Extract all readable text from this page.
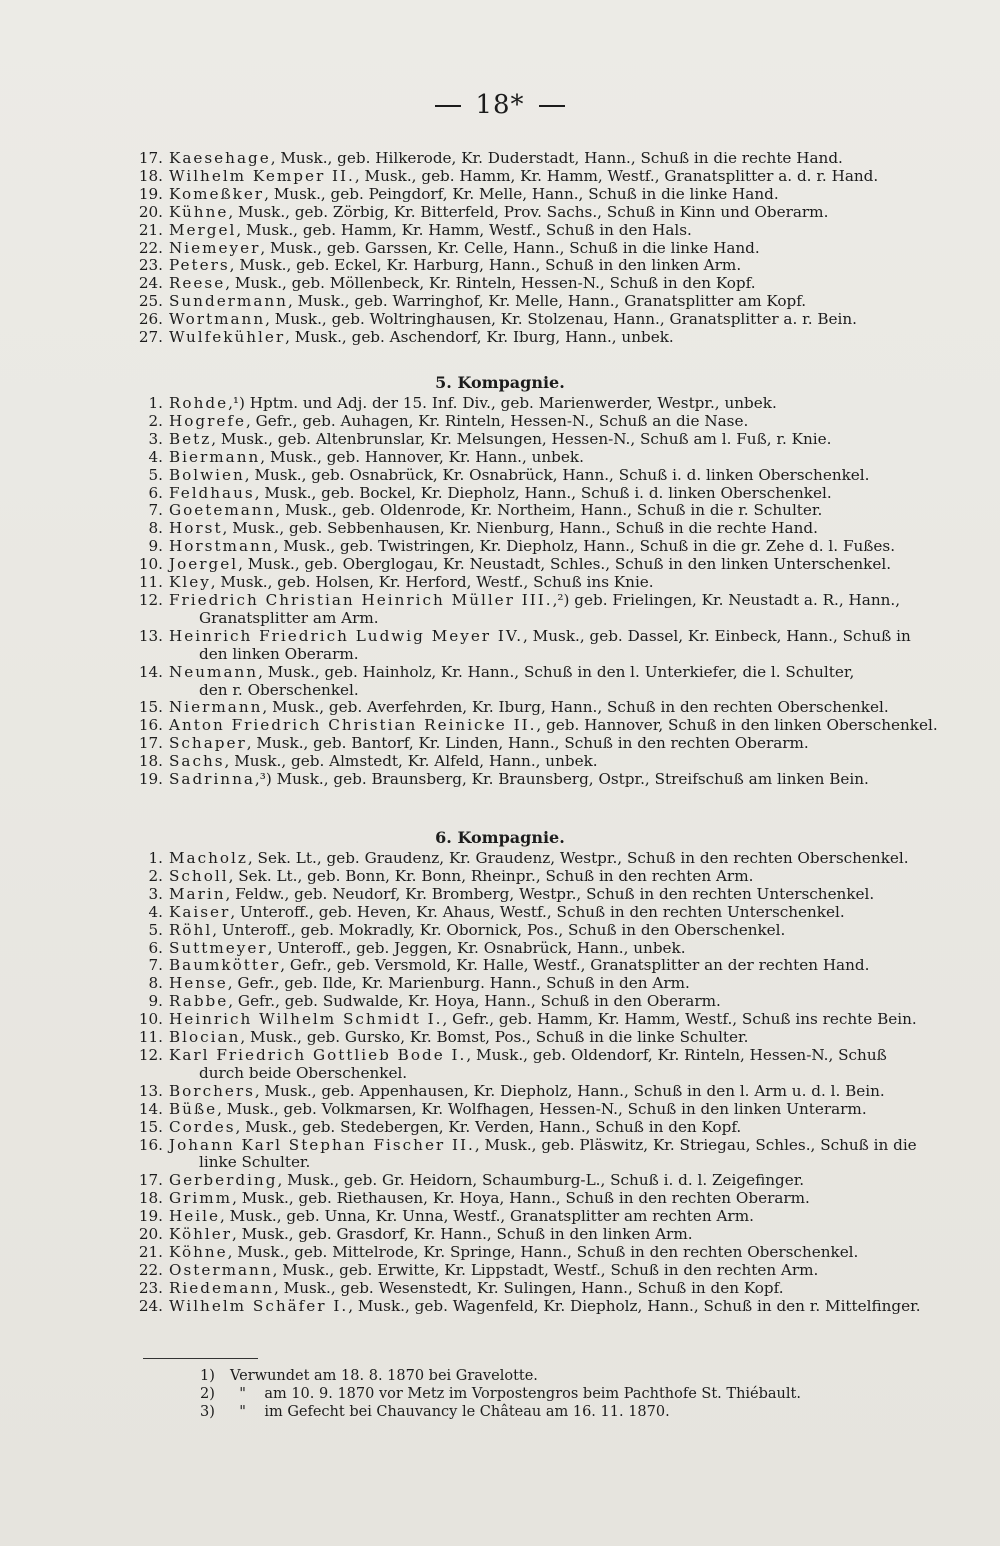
18*
17. Kaesehage, Musk., geb. Hilkerode, Kr. Duderstadt, Hann., Schuß in die rechte Hand.
18. Wilhelm Kemper II., Musk., geb. Hamm, Kr. Hamm, Westf., Granatsplitter a. d. r. Hand.
19. Komeßker, Musk., geb. Peingdorf, Kr. Melle, Hann., Schuß in die linke Hand.
20. Kühne, Musk., geb. Zörbig, Kr. Bitterfeld, Prov. Sachs., Schuß in Kinn und Oberarm.
21. Mergel, Musk., geb. Hamm, Kr. Hamm, Westf., Schuß in den Hals.
22. Niemeyer, Musk., geb. Garssen, Kr. Celle, Hann., Schuß in die linke Hand.
23. Peters, Musk., geb. Eckel, Kr. Harburg, Hann., Schuß in den linken Arm.
24. Reese, Musk., geb. Möllenbeck, Kr. Rinteln, Hessen-N., Schuß in den Kopf.
25. Sundermann, Musk., geb. Warringhof, Kr. Melle, Hann., Granatsplitter am Kopf.
26. Wortmann, Musk., geb. Woltringhausen, Kr. Stolzenau, Hann., Granatsplitter a. r. Bein.
27. Wulfekühler, Musk., geb. Aschendorf, Kr. Iburg, Hann., unbek.
5. Kompagnie.
1. Rohde,¹) Hptm. und Adj. der 15. Inf. Div., geb. Marienwerder, Westpr., unbek.
2. Hogrefe, Gefr., geb. Auhagen, Kr. Rinteln, Hessen-N., Schuß an die Nase.
3. Betz, Musk., geb. Altenbrunslar, Kr. Melsungen, Hessen-N., Schuß am l. Fuß, r. Knie.
4. Biermann, Musk., geb. Hannover, Kr. Hann., unbek.
5. Bolwien, Musk., geb. Osnabrück, Kr. Osnabrück, Hann., Schuß i. d. linken Oberschenkel.
6. Feldhaus, Musk., geb. Bockel, Kr. Diepholz, Hann., Schuß i. d. linken Oberschenkel.
7. Goetemann, Musk., geb. Oldenrode, Kr. Northeim, Hann., Schuß in die r. Schulter.
8. Horst, Musk., geb. Sebbenhausen, Kr. Nienburg, Hann., Schuß in die rechte Hand.
9. Horstmann, Musk., geb. Twistringen, Kr. Diepholz, Hann., Schuß in die gr. Zehe d. l. Fußes.
10. Joergel, Musk., geb. Oberglogau, Kr. Neustadt, Schles., Schuß in den linken Unterschenkel.
11. Kley, Musk., geb. Holsen, Kr. Herford, Westf., Schuß ins Knie.
12. Friedrich Christian Heinrich Müller III.,²) geb. Frielingen, Kr. Neustadt a. R., Hann.,
Granatsplitter am Arm.
13. Heinrich Friedrich Ludwig Meyer IV., Musk., geb. Dassel, Kr. Einbeck, Hann., Schuß in
den linken Oberarm.
14. Neumann, Musk., geb. Hainholz, Kr. Hann., Schuß in den l. Unterkiefer, die l. Schulter,
den r. Oberschenkel.
15. Niermann, Musk., geb. Averfehrden, Kr. Iburg, Hann., Schuß in den rechten Oberschenkel.
16. Anton Friedrich Christian Reinicke II., geb. Hannover, Schuß in den linken Oberschenkel.
17. Schaper, Musk., geb. Bantorf, Kr. Linden, Hann., Schuß in den rechten Oberarm.
18. Sachs, Musk., geb. Almstedt, Kr. Alfeld, Hann., unbek.
19. Sadrinna,³) Musk., geb. Braunsberg, Kr. Braunsberg, Ostpr., Streifschuß am linken Bein.
6. Kompagnie.
1. Macholz, Sek. Lt., geb. Graudenz, Kr. Graudenz, Westpr., Schuß in den rechten Oberschenkel.
2. Scholl, Sek. Lt., geb. Bonn, Kr. Bonn, Rheinpr., Schuß in den rechten Arm.
3. Marin, Feldw., geb. Neudorf, Kr. Bromberg, Westpr., Schuß in den rechten Unterschenkel.
4. Kaiser, Unteroff., geb. Heven, Kr. Ahaus, Westf., Schuß in den rechten Unterschenkel.
5. Röhl, Unteroff., geb. Mokradly, Kr. Obornick, Pos., Schuß in den Oberschenkel.
6. Suttmeyer, Unteroff., geb. Jeggen, Kr. Osnabrück, Hann., unbek.
7. Baumkötter, Gefr., geb. Versmold, Kr. Halle, Westf., Granatsplitter an der rechten Hand.
8. Hense, Gefr., geb. Ilde, Kr. Marienburg. Hann., Schuß in den Arm.
9. Rabbe, Gefr., geb. Sudwalde, Kr. Hoya, Hann., Schuß in den Oberarm.
10. Heinrich Wilhelm Schmidt I., Gefr., geb. Hamm, Kr. Hamm, Westf., Schuß ins rechte Bein.
11. Blocian, Musk., geb. Gursko, Kr. Bomst, Pos., Schuß in die linke Schulter.
12. Karl Friedrich Gottlieb Bode I., Musk., geb. Oldendorf, Kr. Rinteln, Hessen-N., Schuß
durch beide Oberschenkel.
13. Borchers, Musk., geb. Appenhausen, Kr. Diepholz, Hann., Schuß in den l. Arm u. d. l. Bein.
14. Büße, Musk., geb. Volkmarsen, Kr. Wolfhagen, Hessen-N., Schuß in den linken Unterarm.
15. Cordes, Musk., geb. Stedebergen, Kr. Verden, Hann., Schuß in den Kopf.
16. Johann Karl Stephan Fischer II., Musk., geb. Pläswitz, Kr. Striegau, Schles., Schuß in die
linke Schulter.
17. Gerberding, Musk., geb. Gr. Heidorn, Schaumburg-L., Schuß i. d. l. Zeigefinger.
18. Grimm, Musk., geb. Riethausen, Kr. Hoya, Hann., Schuß in den rechten Oberarm.
19. Heile, Musk., geb. Unna, Kr. Unna, Westf., Granatsplitter am rechten Arm.
20. Köhler, Musk., geb. Grasdorf, Kr. Hann., Schuß in den linken Arm.
21. Köhne, Musk., geb. Mittelrode, Kr. Springe, Hann., Schuß in den rechten Oberschenkel.
22. Ostermann, Musk., geb. Erwitte, Kr. Lippstadt, Westf., Schuß in den rechten Arm.
23. Riedemann, Musk., geb. Wesenstedt, Kr. Sulingen, Hann., Schuß in den Kopf.
24. Wilhelm Schäfer I., Musk., geb. Wagenfeld, Kr. Diepholz, Hann., Schuß in den r. Mittelfinger.
1) Verwundet am 18. 8. 1870 bei Gravelotte.
2)  "    am 10. 9. 1870 vor Metz im Vorpostengros beim Pachthofe St. Thiébault.
3)  "    im Gefecht bei Chauvancy le Château am 16. 11. 1870.
